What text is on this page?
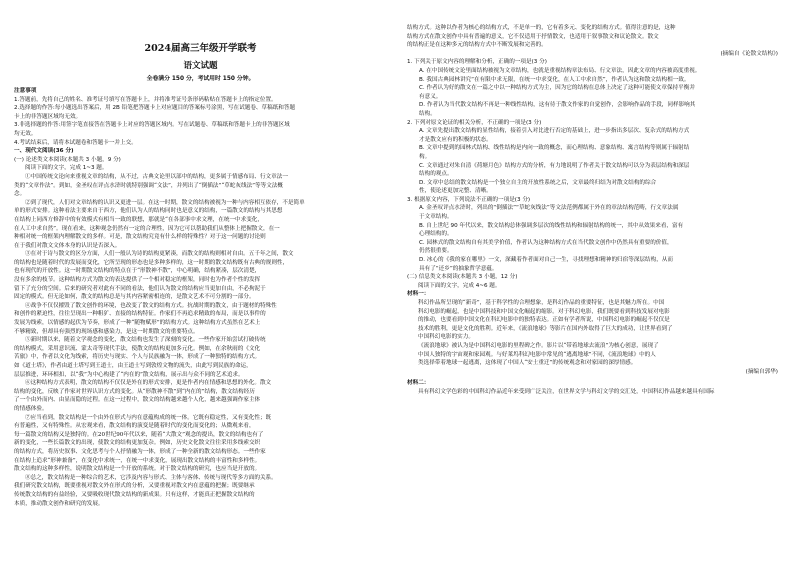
2024届高三年级开学联考
语文试题
全卷满分 150 分，考试用时 150 分钟。
注意事项
1.答题前，先将自己的姓名、准考证号填写在答题卡上，并将准考证号条形码粘贴在答题卡上的指定位置。
2.选择题的作答:每小题选出答案后，用 2B 铅笔把答题卡上对应题目的答案标号涂黑，写在试题卷、草稿纸和答题
卡上的非答题区域均无效。
3.非选择题的作答:用签字笔直接答在答题卡上对应的答题区域内。写在试题卷、草稿纸和答题卡上的非答题区域
均无效。
4.考试结束后，请将本试题卷和答题卡一并上交。
一、现代文阅读(36 分)
(一) 论述类文本阅读(本题共 3 小题，9 分)
阅读下面的文字，完成 1~3 题。
①中国传统文论向来重视文章的结构，从不过，古典文论里以部中的结构，更多属于情感布局、行文章法一
类的“文章作法”。到如，金圣叹在评点水浒时就特别强调“文法”，并列出了“倒插法”“草蛇灰线法”等等文法概
念。
②到了现代，人们对文章结构的认识又更进一层。在这一时期，散文的结构被视为一种与内容相互依存，不是简单
单的形式安排。这种看法主要来自于西方，他们认为人的结构同时也是意义的结构，一篇散文的结构与其思想
在结构上同西方修辞中的有效模式有相当一致的联想，那就是“在各部事中求文理，在统一中求变化，
在人工中求自然”。现在看来，这种观念仍然有一定的合理性，因为它可以帮助我们从整体上把握散文，在一
种相对统一的框架内理解散文的多样。可是，散文结构究竟有什么样的特殊性？对于这一问题的讨论则
在于我们对散文文体本身的认识是否深入。
③在对于诗与散文的区分方面，人们一般认为诗的结构更紧凑，而散文的结构则相对自由。五千年之间，散文
的结构也是随着时代的发展而变化，它所呈现的形态也是多种多样的，这一时期的散文结构既有古典的规则性，
也有现代的开放性。这一时期散文结构的特点在于“形散神不散”，中心明确，结构紧凑，层次清楚，
没有多余的枝节。这种结构方式为散文的表达提供了一个相对稳定的框架，同时也为作者个性的发挥
留下了充分的空间。后来的研究者对此有不同的看法，他们认为散文的结构应当更加自由，不必拘泥于
固定的模式。但无论如何，散文的结构总是与其内容紧密相连的，是散文艺术不可分割的一部分。
④战争不仅仅摧毁了散文创作的环境，也改变了散文的结构方式。抗战时期的散文，由于题材的特殊性
和创作的紧迫性，往往呈现出一种粗犷、直接的结构特征。作家们不再追求精致的布局，而是以事件的
发展为线索，以情感的起伏为节奏，形成了一种“随物赋形”的结构方式。这种结构方式虽然在艺术上
不够精致，但却具有强烈的现场感和感染力，是这一时期散文的重要特点。
⑤新时期以来，随着文学观念的变化，散文结构也发生了深刻的变化。一些作家开始尝试打破传统
的结构模式，采用意识流、蒙太奇等现代手法，使散文的结构更加多元化。例如，在余秋雨的《文化
苦旅》中，作者以文化为线索，将历史与现实、个人与民族融为一体，形成了一种独特的结构方式。
如《道士塔》，作者由道士塔写到王道士，由王道士写到敦煌文物的流失，由此写到民族的命运，
层层推进，环环相扣，以“我”为中心构建了“内在的”散文结构，展示出与众不同的艺术追求。
⑥这种结构方式表明，散文的结构不仅仅是外在的形式安排，更是作者内在情感和思想的外化。散文
结构的变化，反映了作家对世界认识方式的变化。从“形散神不散”到“内在的”结构，散文结构经历
了一个由外而内、由显而隐的过程。在这一过程中，散文的结构越来越个人化，越来越强调作家主体
的情感体验。
⑦应当看到，散文结构是一个由外在形式与内在意蕴构成的统一体。它既有稳定性，又有变化性；既
有普遍性，又有特殊性。从宏观来看，散文结构的演变是随着时代的变化而变化的；从微观来看，
每一篇散文的结构又是独特的。在20世纪90年代以来，随着“大散文”观念的提出，散文的结构也有了
新的变化，一些长篇散文的出现，使散文的结构更加复杂。例如，历史文化散文往往采用多线索交织
的结构方式，将历史叙事、文化思考与个人抒情融为一体，形成了一种全新的散文结构形态。一些作家
在结构上追求“形神兼备”，在变化中求统一，在统一中求变化，展现出散文结构的丰富性和多样性。
散文结构的这种多样性，说明散文结构是一个开放的系统。对于散文结构的研究，也应当是开放的。
⑧总之，散文结构是一种综合的艺术，它涉及内容与形式、主体与客体、传统与现代等多方面的关系。
我们研究散文结构，既要重视对散文外在形式的分析，又要重视对散文内在意蕴的把握；既要继承
传统散文结构的有益经验，又要吸收现代散文结构的新成果。只有这样，才能真正把握散文结构的
本质，推动散文创作和研究的发展。
结构方式。这种以作者为核心的结构方式，不是单一的，它有着多元、变化的结构方式。值得注意的是，这种
结构方式在散文创作中具有普遍的意义，它不仅适用于抒情散文，也适用于叙事散文和议论散文。散文
的结构正是在这种多元的结构方式中不断发展和完善的。
(摘编自《论散文结构》)
1. 下列关于原文内容的理解和分析，正确的一项是(3 分)
A. 在中国传统文论里面结构被视为文章结构，也就是重视结构章法布局、行文章法，因此文章的内容被高度重视。
B. 我国古典园林讲究“在有限中求无限，在统一中求变化，在人工中求自然”，作者认为这和散文结构相一致。
C. 作者认为好的散文在一篇之中以一种结构方式为主，因为它的结构在总体上决定了这种可能使文章保持平衡并
有意义。
D. 作者认为当代散文结构不再是一种线性结构，这有待于散文作家的自觉创作，会影响作品的手段，同样影响其
结构。
2. 下列对原文论证的相关分析，不正确的一项是(3 分)
A. 文章先提出散文结构的显性结构，接着引入对比进行否定的基础上，进一步指出多层次、复杂式的结构方式
才是散文应有的积极的状态。
B. 文章中提到的园林式结构、线性结构是内向一致的概念，而心理结构、意象结构、寓言结构等则属于辐射结
构。
C. 文章通过对朱自清《荷塘月色》结构方式的分析，有力地说明了作者关于散文结构可以分为表层结构和深层
结构的观点。
D. 文章中总结的散文结构是一个独立自主的开放性系统之后，文章最终归结为对散文结构的综合
性，使论述更加完整、清晰。
3. 根据原文内容，下列说法不正确的一项是(3 分)
A. 金圣叹评点水浒时，列出的“倒插法”“草蛇灰线法”等文法范例都属于外在的章法结构范畴，行文章法属
于文章结构。
B. 自上世纪 90 年代以来，散文结构总体强调多层次的线性结构和辐射结构的统一，其中从效果来看，富有
心理结构的。
C. 园林式的散文结构自有其美学价值，作者认为这种结构方式在当代散文创作中仍然具有重要的价值，
仍然很重要。
D. 冰心的《我的家在哪里》一文，深藏着作者面对自己一生，寻找理想和精神的归宿等深层结构，从而
具有了“还乡”的抽象哲学意蕴。
(二) 信息类文本阅读(本题共 3 小题，12 分)
阅读下面的文字，完成 4~6 题。
材料一：
科幻作品所呈现的“新奇”，基于科学性的合理想象，是科幻作品的重要特征，也是其魅力所在。中国
科幻电影的崛起，也是中国科技和中国文化崛起的缩影。对于科幻电影，我们既要看到科技发展对电影
的推动，也要看到中国文化在科幻电影中的独特表达。正如有学者所说，中国科幻电影的崛起不仅仅是
技术的胜利，更是文化的胜利。近年来，《流浪地球》等影片在国内外取得了巨大的成功，让世界看到了
中国科幻电影的实力。
《流浪地球》被认为是中国科幻电影的里程碑之作。影片以“带着地球去流浪”为核心创意，展现了
中国人独特的宇宙观和家园观。与好莱坞科幻电影中常见的“逃离地球”不同，《流浪地球》中的人
类选择带着地球一起逃离，这体现了中国人“安土重迁”的传统观念和对家园的深厚情感。
(摘编自郭华)
材料二：
具有科幻文学色彩的中国科幻作品近年来受到广泛关注，在世界文学与科幻文学的交汇处，中国科幻作品越来越具有国际
